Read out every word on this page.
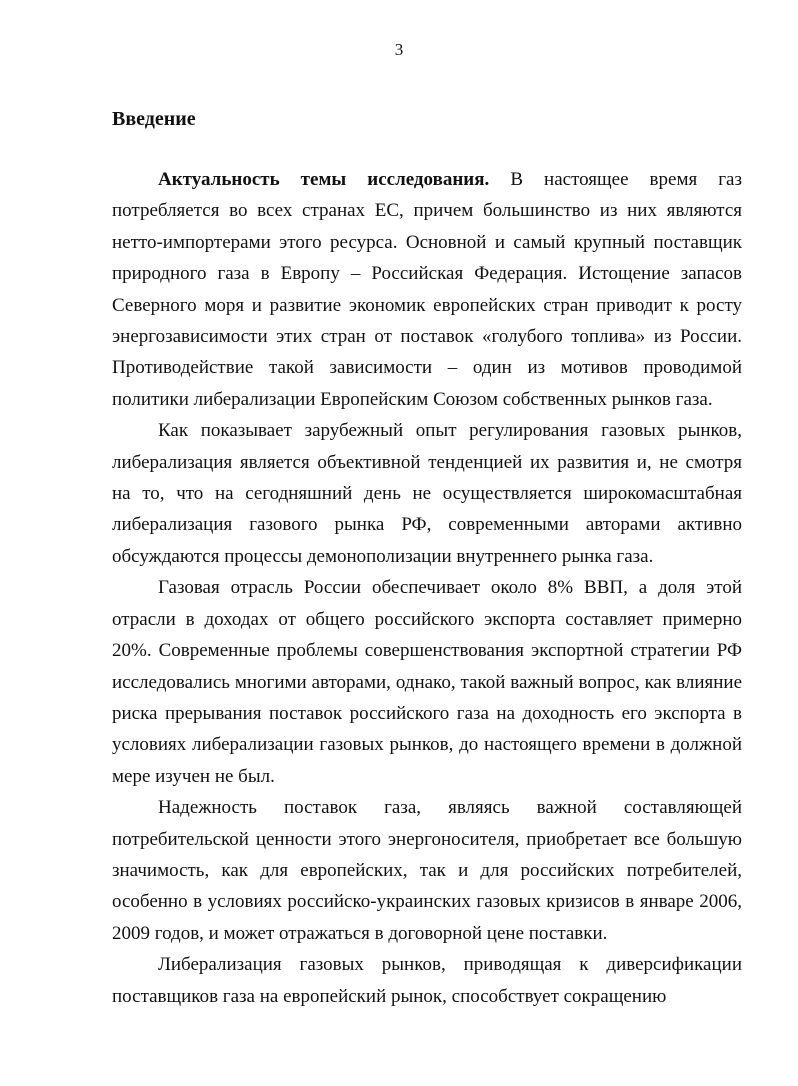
3
Введение

Актуальность темы исследования. В настоящее время газ потребляется во всех странах ЕС, причем большинство из них являются нетто-импортерами этого ресурса. Основной и самый крупный поставщик природного газа в Европу – Российская Федерация. Истощение запасов Северного моря и развитие экономик европейских стран приводит к росту энергозависимости этих стран от поставок «голубого топлива» из России. Противодействие такой зависимости – один из мотивов проводимой политики либерализации Европейским Союзом собственных рынков газа.

Как показывает зарубежный опыт регулирования газовых рынков, либерализация является объективной тенденцией их развития и, не смотря на то, что на сегодняшний день не осуществляется широкомасштабная либерализация газового рынка РФ, современными авторами активно обсуждаются процессы демонополизации внутреннего рынка газа.

Газовая отрасль России обеспечивает около 8% ВВП, а доля этой отрасли в доходах от общего российского экспорта составляет примерно 20%. Современные проблемы совершенствования экспортной стратегии РФ исследовались многими авторами, однако, такой важный вопрос, как влияние риска прерывания поставок российского газа на доходность его экспорта в условиях либерализации газовых рынков, до настоящего времени в должной мере изучен не был.

Надежность поставок газа, являясь важной составляющей потребительской ценности этого энергоносителя, приобретает все большую значимость, как для европейских, так и для российских потребителей, особенно в условиях российско-украинских газовых кризисов в январе 2006, 2009 годов, и может отражаться в договорной цене поставки.

Либерализация газовых рынков, приводящая к диверсификации поставщиков газа на европейский рынок, способствует сокращению
